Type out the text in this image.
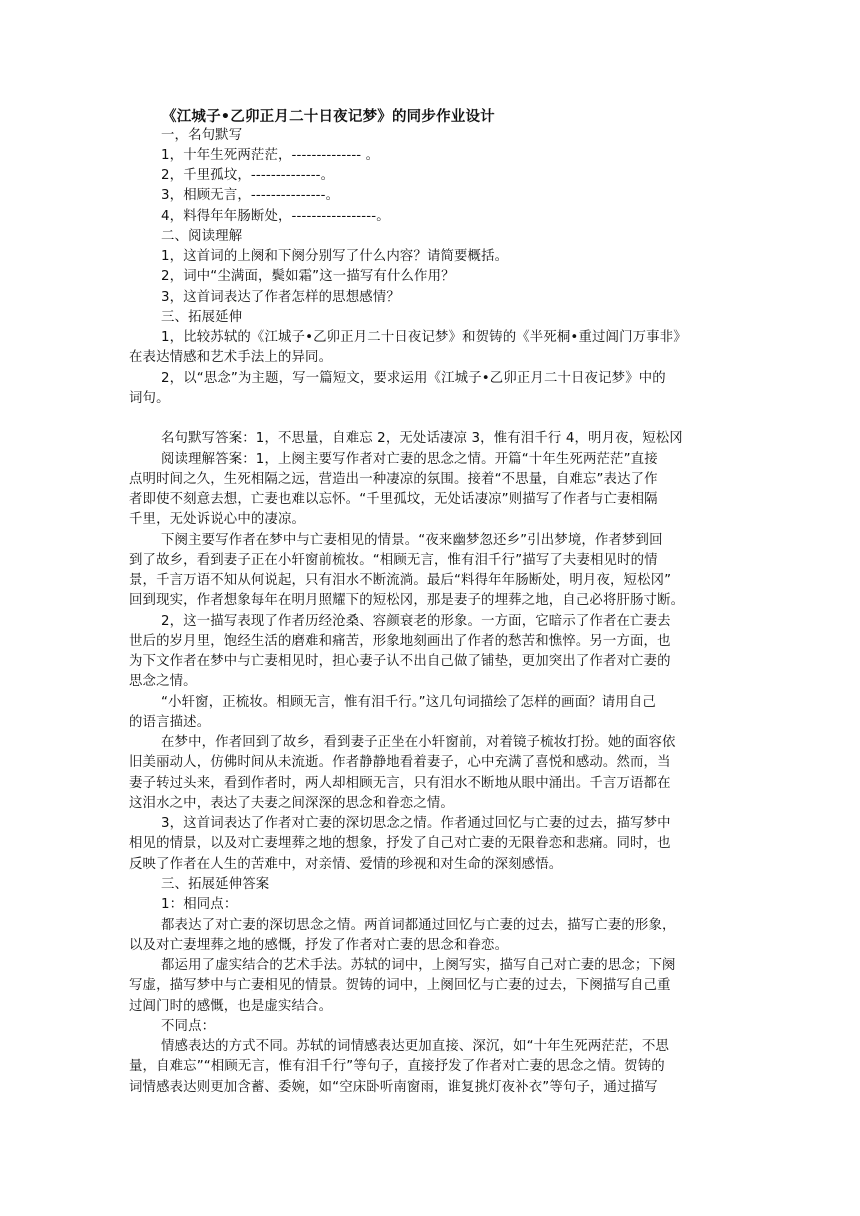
《江城子•乙卯正月二十日夜记梦》的同步作业设计
一，名句默写
1，十年生死两茫茫，-------------- 。
2，千里孤坟，--------------。
3，相顾无言，---------------。
4，料得年年肠断处，-----------------。
二、阅读理解
1，这首词的上阕和下阕分别写了什么内容？请简要概括。
2，词中“尘满面，鬓如霜”这一描写有什么作用？
3，这首词表达了作者怎样的思想感情？
三、拓展延伸
1，比较苏轼的《江城子•乙卯正月二十日夜记梦》和贺铸的《半死桐•重过阊门万事非》
在表达情感和艺术手法上的异同。
2，以“思念”为主题，写一篇短文，要求运用《江城子•乙卯正月二十日夜记梦》中的
词句。
名句默写答案：1，不思量，自难忘 2，无处话凄凉 3，惟有泪千行 4，明月夜，短松冈
阅读理解答案：1，上阕主要写作者对亡妻的思念之情。开篇“十年生死两茫茫”直接
点明时间之久，生死相隔之远，营造出一种凄凉的氛围。接着“不思量，自难忘”表达了作
者即使不刻意去想，亡妻也难以忘怀。“千里孤坟，无处话凄凉”则描写了作者与亡妻相隔
千里，无处诉说心中的凄凉。
下阕主要写作者在梦中与亡妻相见的情景。“夜来幽梦忽还乡”引出梦境，作者梦到回
到了故乡，看到妻子正在小轩窗前梳妆。“相顾无言，惟有泪千行”描写了夫妻相见时的情
景，千言万语不知从何说起，只有泪水不断流淌。最后“料得年年肠断处，明月夜，短松冈”
回到现实，作者想象每年在明月照耀下的短松冈，那是妻子的埋葬之地，自己必将肝肠寸断。
2，这一描写表现了作者历经沧桑、容颜衰老的形象。一方面，它暗示了作者在亡妻去
世后的岁月里，饱经生活的磨难和痛苦，形象地刻画出了作者的愁苦和憔悴。另一方面，也
为下文作者在梦中与亡妻相见时，担心妻子认不出自己做了铺垫，更加突出了作者对亡妻的
思念之情。
“小轩窗，正梳妆。相顾无言，惟有泪千行。”这几句词描绘了怎样的画面？请用自己
的语言描述。
在梦中，作者回到了故乡，看到妻子正坐在小轩窗前，对着镜子梳妆打扮。她的面容依
旧美丽动人，仿佛时间从未流逝。作者静静地看着妻子，心中充满了喜悦和感动。然而，当
妻子转过头来，看到作者时，两人却相顾无言，只有泪水不断地从眼中涌出。千言万语都在
这泪水之中，表达了夫妻之间深深的思念和眷恋之情。
3，这首词表达了作者对亡妻的深切思念之情。作者通过回忆与亡妻的过去，描写梦中
相见的情景，以及对亡妻埋葬之地的想象，抒发了自己对亡妻的无限眷恋和悲痛。同时，也
反映了作者在人生的苦难中，对亲情、爱情的珍视和对生命的深刻感悟。
三、拓展延伸答案
1：相同点：
都表达了对亡妻的深切思念之情。两首词都通过回忆与亡妻的过去，描写亡妻的形象，
以及对亡妻埋葬之地的感慨，抒发了作者对亡妻的思念和眷恋。
都运用了虚实结合的艺术手法。苏轼的词中，上阕写实，描写自己对亡妻的思念；下阕
写虚，描写梦中与亡妻相见的情景。贺铸的词中，上阕回忆与亡妻的过去，下阕描写自己重
过阊门时的感慨，也是虚实结合。
不同点：
情感表达的方式不同。苏轼的词情感表达更加直接、深沉，如“十年生死两茫茫，不思
量，自难忘”“相顾无言，惟有泪千行”等句子，直接抒发了作者对亡妻的思念之情。贺铸的
词情感表达则更加含蓄、委婉，如“空床卧听南窗雨，谁复挑灯夜补衣”等句子，通过描写
